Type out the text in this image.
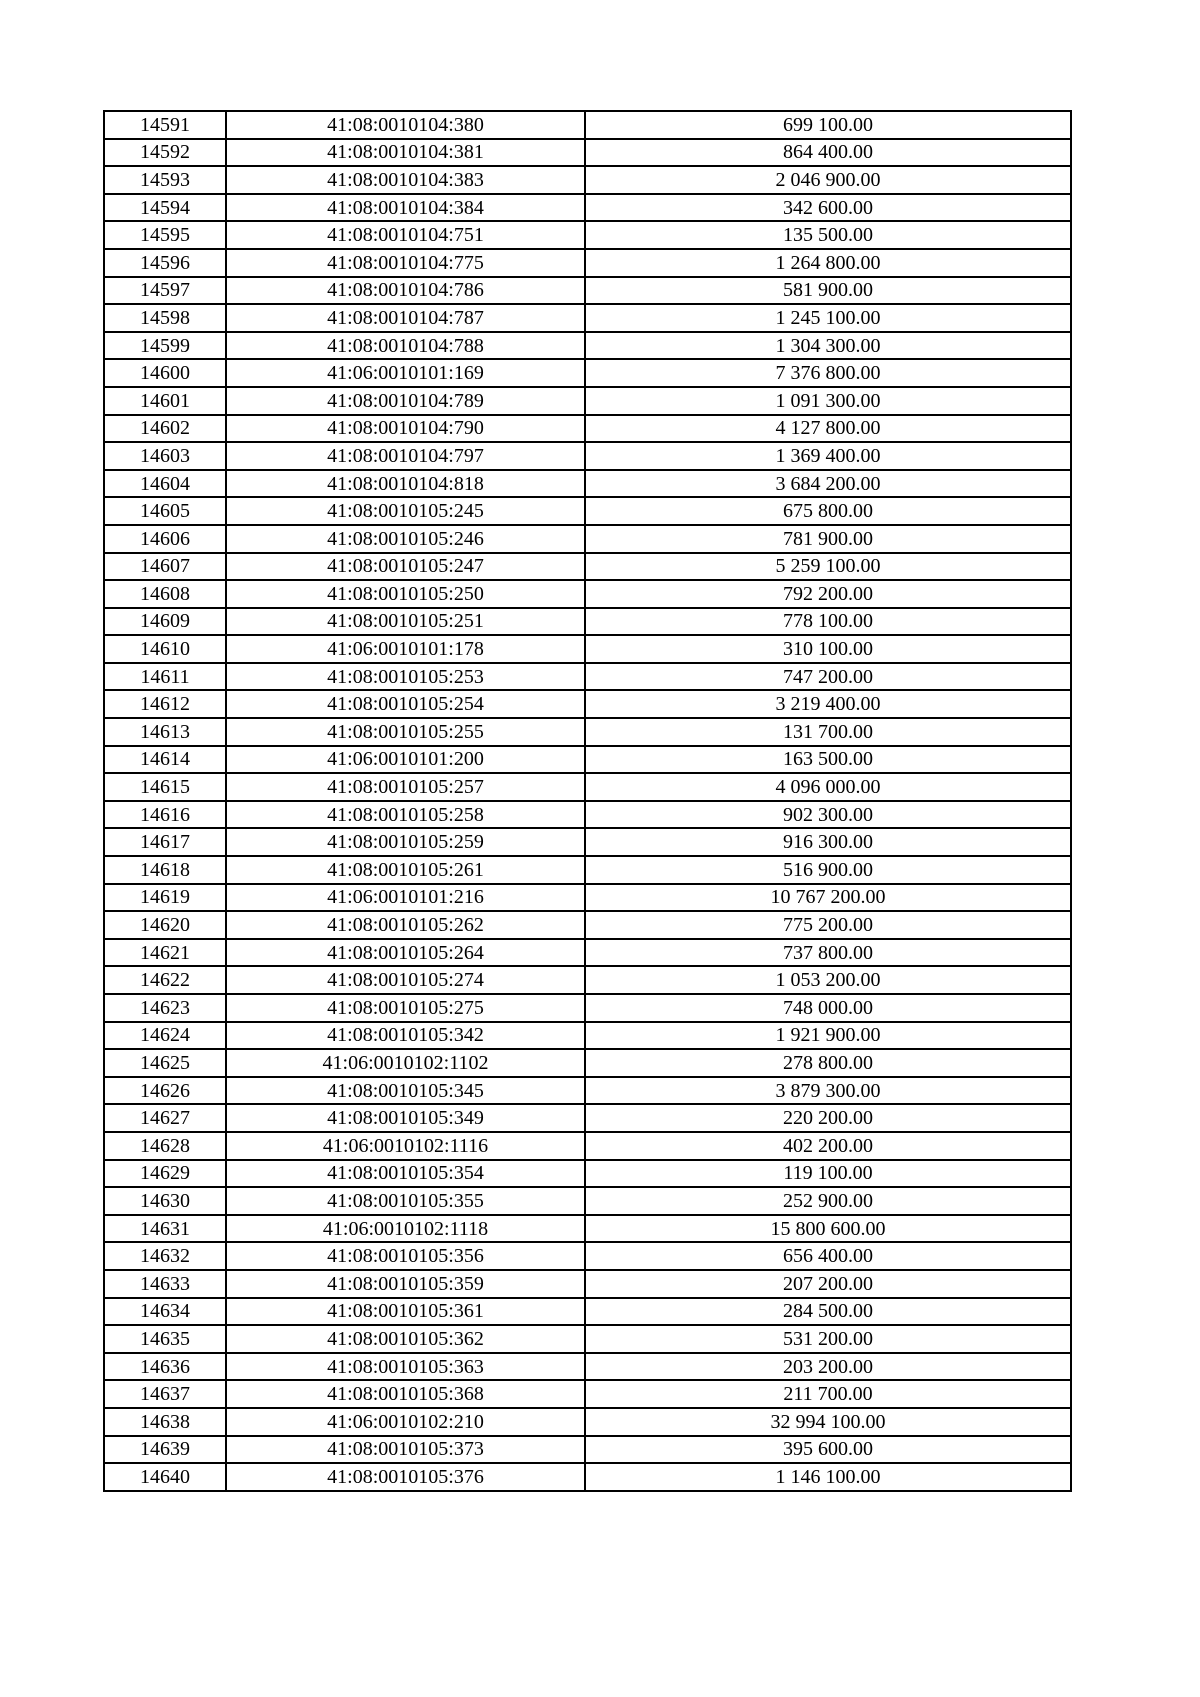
14591	41:08:0010104:380	699 100.00
14592	41:08:0010104:381	864 400.00
14593	41:08:0010104:383	2 046 900.00
14594	41:08:0010104:384	342 600.00
14595	41:08:0010104:751	135 500.00
14596	41:08:0010104:775	1 264 800.00
14597	41:08:0010104:786	581 900.00
14598	41:08:0010104:787	1 245 100.00
14599	41:08:0010104:788	1 304 300.00
14600	41:06:0010101:169	7 376 800.00
14601	41:08:0010104:789	1 091 300.00
14602	41:08:0010104:790	4 127 800.00
14603	41:08:0010104:797	1 369 400.00
14604	41:08:0010104:818	3 684 200.00
14605	41:08:0010105:245	675 800.00
14606	41:08:0010105:246	781 900.00
14607	41:08:0010105:247	5 259 100.00
14608	41:08:0010105:250	792 200.00
14609	41:08:0010105:251	778 100.00
14610	41:06:0010101:178	310 100.00
14611	41:08:0010105:253	747 200.00
14612	41:08:0010105:254	3 219 400.00
14613	41:08:0010105:255	131 700.00
14614	41:06:0010101:200	163 500.00
14615	41:08:0010105:257	4 096 000.00
14616	41:08:0010105:258	902 300.00
14617	41:08:0010105:259	916 300.00
14618	41:08:0010105:261	516 900.00
14619	41:06:0010101:216	10 767 200.00
14620	41:08:0010105:262	775 200.00
14621	41:08:0010105:264	737 800.00
14622	41:08:0010105:274	1 053 200.00
14623	41:08:0010105:275	748 000.00
14624	41:08:0010105:342	1 921 900.00
14625	41:06:0010102:1102	278 800.00
14626	41:08:0010105:345	3 879 300.00
14627	41:08:0010105:349	220 200.00
14628	41:06:0010102:1116	402 200.00
14629	41:08:0010105:354	119 100.00
14630	41:08:0010105:355	252 900.00
14631	41:06:0010102:1118	15 800 600.00
14632	41:08:0010105:356	656 400.00
14633	41:08:0010105:359	207 200.00
14634	41:08:0010105:361	284 500.00
14635	41:08:0010105:362	531 200.00
14636	41:08:0010105:363	203 200.00
14637	41:08:0010105:368	211 700.00
14638	41:06:0010102:210	32 994 100.00
14639	41:08:0010105:373	395 600.00
14640	41:08:0010105:376	1 146 100.00
